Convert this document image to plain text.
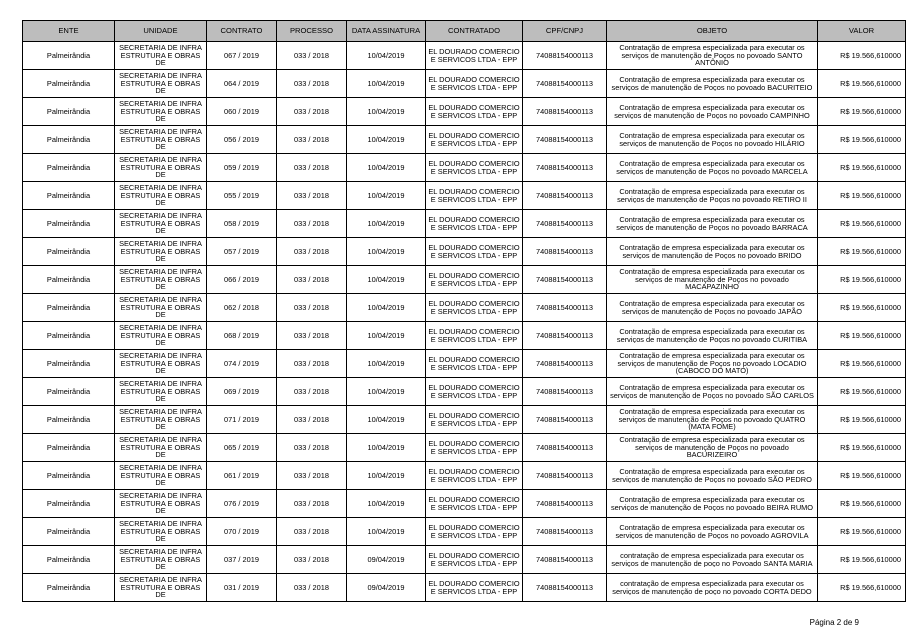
ENTE	UNIDADE	CONTRATO	PROCESSO	DATA ASSINATURA	CONTRATADO	CPF/CNPJ	OBJETO	VALOR
Palmeirândia	SECRETARIA DE INFRA ESTRUTURA E OBRAS DE	067 / 2019	033 / 2018	10/04/2019	EL DOURADO COMERCIO E SERVICOS LTDA - EPP	74088154000113	Contratação de empresa especializada para executar os serviços de manutenção de Poços no povoado SANTO ANTÔNIO	R$ 19.566,610000
Palmeirândia	SECRETARIA DE INFRA ESTRUTURA E OBRAS DE	064 / 2019	033 / 2018	10/04/2019	EL DOURADO COMERCIO E SERVICOS LTDA - EPP	74088154000113	Contratação de empresa especializada para executar os serviços de manutenção de Poços no povoado BACURITEIO	R$ 19.566,610000
Palmeirândia	SECRETARIA DE INFRA ESTRUTURA E OBRAS DE	060 / 2019	033 / 2018	10/04/2019	EL DOURADO COMERCIO E SERVICOS LTDA - EPP	74088154000113	Contratação de empresa especializada para executar os serviços de manutenção de Poços no povoado CAMPINHO	R$ 19.566,610000
Palmeirândia	SECRETARIA DE INFRA ESTRUTURA E OBRAS DE	056 / 2019	033 / 2018	10/04/2019	EL DOURADO COMERCIO E SERVICOS LTDA - EPP	74088154000113	Contratação de empresa especializada para executar os serviços de manutenção de Poços no povoado HILÁRIO	R$ 19.566,610000
Palmeirândia	SECRETARIA DE INFRA ESTRUTURA E OBRAS DE	059 / 2019	033 / 2018	10/04/2019	EL DOURADO COMERCIO E SERVICOS LTDA - EPP	74088154000113	Contratação de empresa especializada para executar os serviços de manutenção de Poços no povoado MARCELA	R$ 19.566,610000
Palmeirândia	SECRETARIA DE INFRA ESTRUTURA E OBRAS DE	055 / 2019	033 / 2018	10/04/2019	EL DOURADO COMERCIO E SERVICOS LTDA - EPP	74088154000113	Contratação de empresa especializada para executar os serviços de manutenção de Poços no povoado RETIRO II	R$ 19.566,610000
Palmeirândia	SECRETARIA DE INFRA ESTRUTURA E OBRAS DE	058 / 2019	033 / 2018	10/04/2019	EL DOURADO COMERCIO E SERVICOS LTDA - EPP	74088154000113	Contratação de empresa especializada para executar os serviços de manutenção de Poços no povoado BARRACA	R$ 19.566,610000
Palmeirândia	SECRETARIA DE INFRA ESTRUTURA E OBRAS DE	057 / 2019	033 / 2018	10/04/2019	EL DOURADO COMERCIO E SERVICOS LTDA - EPP	74088154000113	Contratação de empresa especializada para executar os serviços de manutenção de Poços no povoado BRIDO	R$ 19.566,610000
Palmeirândia	SECRETARIA DE INFRA ESTRUTURA E OBRAS DE	066 / 2019	033 / 2018	10/04/2019	EL DOURADO COMERCIO E SERVICOS LTDA - EPP	74088154000113	Contratação de empresa especializada para executar os serviços de manutenção de Poços no povoado MACAPAZINHO	R$ 19.566,610000
Palmeirândia	SECRETARIA DE INFRA ESTRUTURA E OBRAS DE	062 / 2018	033 / 2018	10/04/2019	EL DOURADO COMERCIO E SERVICOS LTDA - EPP	74088154000113	Contratação de empresa especializada para executar os serviços de manutenção de Poços no povoado JAPÃO	R$ 19.566,610000
Palmeirândia	SECRETARIA DE INFRA ESTRUTURA E OBRAS DE	068 / 2019	033 / 2018	10/04/2019	EL DOURADO COMERCIO E SERVICOS LTDA - EPP	74088154000113	Contratação de empresa especializada para executar os serviços de manutenção de Poços no povoado CURITIBA	R$ 19.566,610000
Palmeirândia	SECRETARIA DE INFRA ESTRUTURA E OBRAS DE	074 / 2019	033 / 2018	10/04/2019	EL DOURADO COMERCIO E SERVICOS LTDA - EPP	74088154000113	Contratação de empresa especializada para executar os serviços de manutenção de Poços no povoado LOCADIO (CABOCO DO MATO)	R$ 19.566,610000
Palmeirândia	SECRETARIA DE INFRA ESTRUTURA E OBRAS DE	069 / 2019	033 / 2018	10/04/2019	EL DOURADO COMERCIO E SERVICOS LTDA - EPP	74088154000113	Contratação de empresa especializada para executar os serviços de manutenção de Poços no povoado SÃO CARLOS	R$ 19.566,610000
Palmeirândia	SECRETARIA DE INFRA ESTRUTURA E OBRAS DE	071 / 2019	033 / 2018	10/04/2019	EL DOURADO COMERCIO E SERVICOS LTDA - EPP	74088154000113	Contratação de empresa especializada para executar os serviços de manutenção de Poços no povoado QUATRO (MATA FOME)	R$ 19.566,610000
Palmeirândia	SECRETARIA DE INFRA ESTRUTURA E OBRAS DE	065 / 2019	033 / 2018	10/04/2019	EL DOURADO COMERCIO E SERVICOS LTDA - EPP	74088154000113	Contratação de empresa especializada para executar os serviços de manutenção de Poços no povoado BACURIZEIRO	R$ 19.566,610000
Palmeirândia	SECRETARIA DE INFRA ESTRUTURA E OBRAS DE	061 / 2019	033 / 2018	10/04/2019	EL DOURADO COMERCIO E SERVICOS LTDA - EPP	74088154000113	Contratação de empresa especializada para executar os serviços de manutenção de Poços no povoado SÃO PEDRO	R$ 19.566,610000
Palmeirândia	SECRETARIA DE INFRA ESTRUTURA E OBRAS DE	076 / 2019	033 / 2018	10/04/2019	EL DOURADO COMERCIO E SERVICOS LTDA - EPP	74088154000113	Contratação de empresa especializada para executar os serviços de manutenção de Poços no povoado BEIRA RUMO	R$ 19.566,610000
Palmeirândia	SECRETARIA DE INFRA ESTRUTURA E OBRAS DE	070 / 2019	033 / 2018	10/04/2019	EL DOURADO COMERCIO E SERVICOS LTDA - EPP	74088154000113	Contratação de empresa especializada para executar os serviços de manutenção de Poços no povoado AGROVILA	R$ 19.566,610000
Palmeirândia	SECRETARIA DE INFRA ESTRUTURA E OBRAS DE	037 / 2019	033 / 2018	09/04/2019	EL DOURADO COMERCIO E SERVICOS LTDA - EPP	74088154000113	contratação de empresa especializada para executar os serviços de manutenção de poço no Povoado SANTA MARIA	R$ 19.566,610000
Palmeirândia	SECRETARIA DE INFRA ESTRUTURA E OBRAS DE	031 / 2019	033 / 2018	09/04/2019	EL DOURADO COMERCIO E SERVICOS LTDA - EPP	74088154000113	contratação de empresa especializada para executar os serviços de manutenção de poço no povoado CORTA DEDO	R$ 19.566,610000
Página 2 de 9
